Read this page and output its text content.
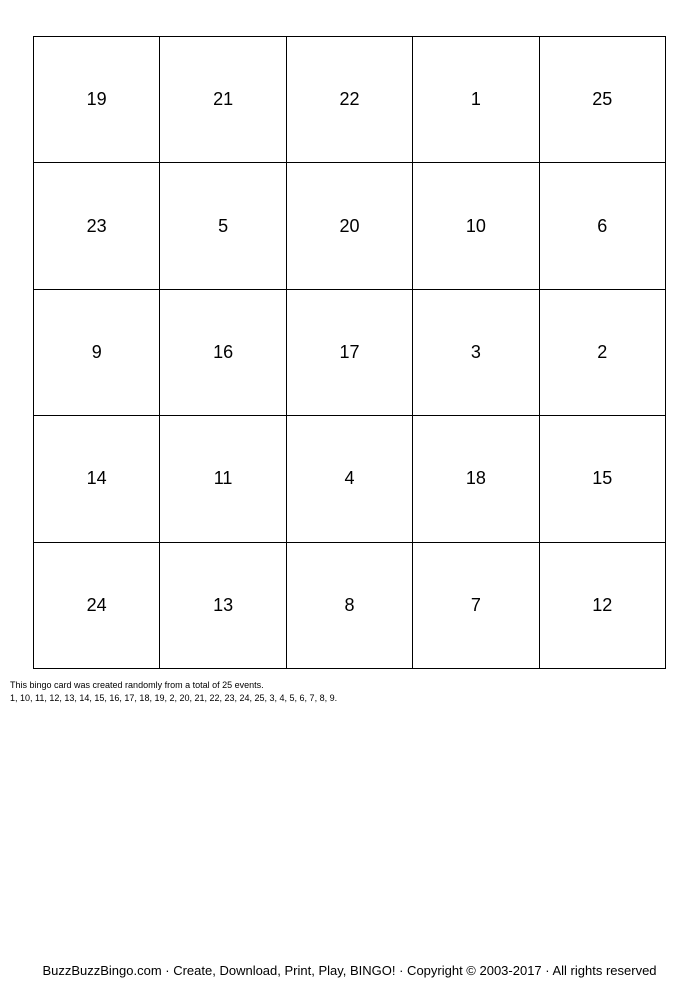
19	21	22	1	25
23	5	20	10	6
9	16	17	3	2
14	11	4	18	15
24	13	8	7	12
This bingo card was created randomly from a total of 25 events.
1, 10, 11, 12, 13, 14, 15, 16, 17, 18, 19, 2, 20, 21, 22, 23, 24, 25, 3, 4, 5, 6, 7, 8, 9.
BuzzBuzzBingo.com · Create, Download, Print, Play, BINGO! · Copyright © 2003-2017 · All rights reserved
